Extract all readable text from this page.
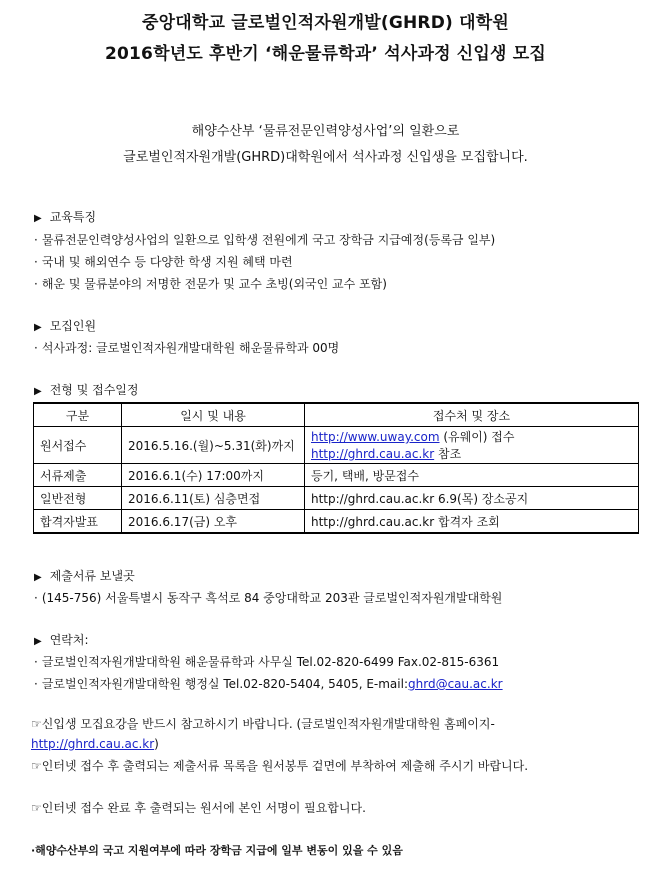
중앙대학교 글로벌인적자원개발(GHRD) 대학원
2016학년도 후반기 ‘해운물류학과’ 석사과정 신입생 모집
해양수산부 ‘물류전문인력양성사업’의 일환으로
글로벌인적자원개발(GHRD)대학원에서 석사과정 신입생을 모집합니다.
▶ 교육특징
· 물류전문인력양성사업의 일환으로 입학생 전원에게 국고 장학금 지급예정(등록금 일부)
· 국내 및 해외연수 등 다양한 학생 지원 혜택 마련
· 해운 및 물류분야의 저명한 전문가 및 교수 초빙(외국인 교수 포함)
▶ 모집인원
· 석사과정: 글로벌인적자원개발대학원 해운물류학과 00명
▶ 전형 및 접수일정
구분	일시 및 내용	접수처 및 장소
원서접수	2016.5.16.(월)~5.31(화)까지	http://www.uway.com (유웨이) 접수
http://ghrd.cau.ac.kr 참조
서류제출	2016.6.1(수) 17:00까지	등기, 택배, 방문접수
일반전형	2016.6.11(토) 심층면접	http://ghrd.cau.ac.kr 6.9(목) 장소공지
합격자발표	2016.6.17(금) 오후	http://ghrd.cau.ac.kr 합격자 조회
▶ 제출서류 보낼곳
· (145-756) 서울특별시 동작구 흑석로 84 중앙대학교 203관 글로벌인적자원개발대학원
▶ 연락처:
· 글로벌인적자원개발대학원 해운물류학과 사무실 Tel.02-820-6499 Fax.02-815-6361
· 글로벌인적자원개발대학원 행정실 Tel.02-820-5404, 5405, E-mail:ghrd@cau.ac.kr
☞신입생 모집요강을 반드시 참고하시기 바랍니다. (글로벌인적자원개발대학원 홈페이지- http://ghrd.cau.ac.kr)
☞인터넷 접수 후 출력되는 제출서류 목록을 원서봉투 겉면에 부착하여 제출해 주시기 바랍니다.
☞인터넷 접수 완료 후 출력되는 원서에 본인 서명이 필요합니다.
·해양수산부의 국고 지원여부에 따라 장학금 지급에 일부 변동이 있을 수 있음
